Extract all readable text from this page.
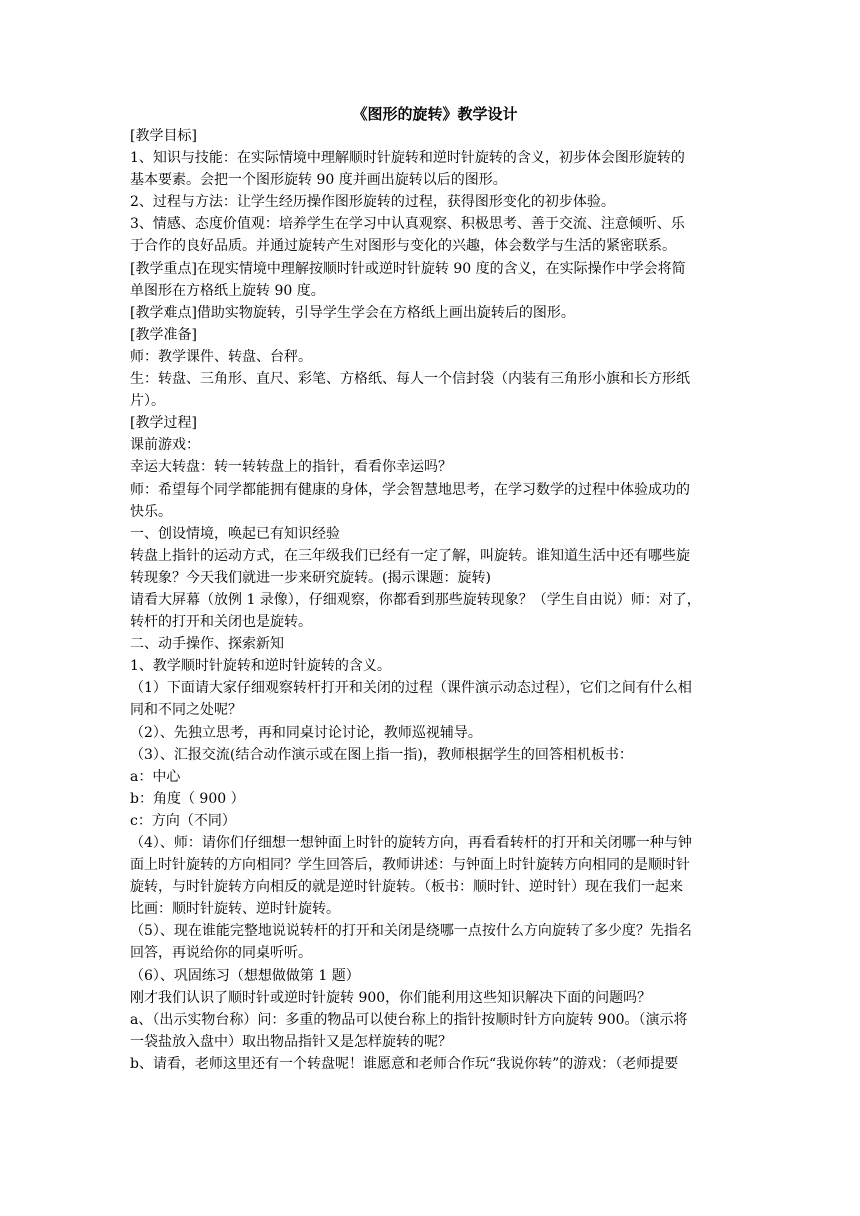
《图形的旋转》教学设计
[教学目标]
1、知识与技能：在实际情境中理解顺时针旋转和逆时针旋转的含义，初步体会图形旋转的
基本要素。会把一个图形旋转 90 度并画出旋转以后的图形。
2、过程与方法：让学生经历操作图形旋转的过程，获得图形变化的初步体验。
3、情感、态度价值观：培养学生在学习中认真观察、积极思考、善于交流、注意倾听、乐
于合作的良好品质。并通过旋转产生对图形与变化的兴趣，体会数学与生活的紧密联系。
[教学重点]在现实情境中理解按顺时针或逆时针旋转 90 度的含义，在实际操作中学会将简
单图形在方格纸上旋转 90 度。
[教学难点]借助实物旋转，引导学生学会在方格纸上画出旋转后的图形。
[教学准备]
师：教学课件、转盘、台秤。
生：转盘、三角形、直尺、彩笔、方格纸、每人一个信封袋（内装有三角形小旗和长方形纸
片）。
[教学过程]
课前游戏：
幸运大转盘：转一转转盘上的指针，看看你幸运吗？
师：希望每个同学都能拥有健康的身体，学会智慧地思考，在学习数学的过程中体验成功的
快乐。
一、创设情境，唤起已有知识经验
转盘上指针的运动方式，在三年级我们已经有一定了解，叫旋转。谁知道生活中还有哪些旋
转现象？今天我们就进一步来研究旋转。(揭示课题：旋转)
请看大屏幕（放例 1 录像），仔细观察，你都看到那些旋转现象？（学生自由说）师：对了，
转杆的打开和关闭也是旋转。
二、动手操作、探索新知
1、教学顺时针旋转和逆时针旋转的含义。
（1）下面请大家仔细观察转杆打开和关闭的过程（课件演示动态过程），它们之间有什么相
同和不同之处呢？
（2）、先独立思考，再和同桌讨论讨论，教师巡视辅导。
（3）、汇报交流(结合动作演示或在图上指一指)，教师根据学生的回答相机板书：
a：中心
b：角度（ 900 ）
c：方向（不同）
（4）、师：请你们仔细想一想钟面上时针的旋转方向，再看看转杆的打开和关闭哪一种与钟
面上时针旋转的方向相同？学生回答后，教师讲述：与钟面上时针旋转方向相同的是顺时针
旋转，与时针旋转方向相反的就是逆时针旋转。（板书：顺时针、逆时针）现在我们一起来
比画：顺时针旋转、逆时针旋转。
（5）、现在谁能完整地说说转杆的打开和关闭是绕哪一点按什么方向旋转了多少度？先指名
回答，再说给你的同桌听听。
（6）、巩固练习（想想做做第 1 题）
刚才我们认识了顺时针或逆时针旋转 900，你们能利用这些知识解决下面的问题吗？
a、（出示实物台称）问：多重的物品可以使台称上的指针按顺时针方向旋转 900。（演示将
一袋盐放入盘中）取出物品指针又是怎样旋转的呢？
b、请看，老师这里还有一个转盘呢！谁愿意和老师合作玩“我说你转”的游戏：（老师提要
